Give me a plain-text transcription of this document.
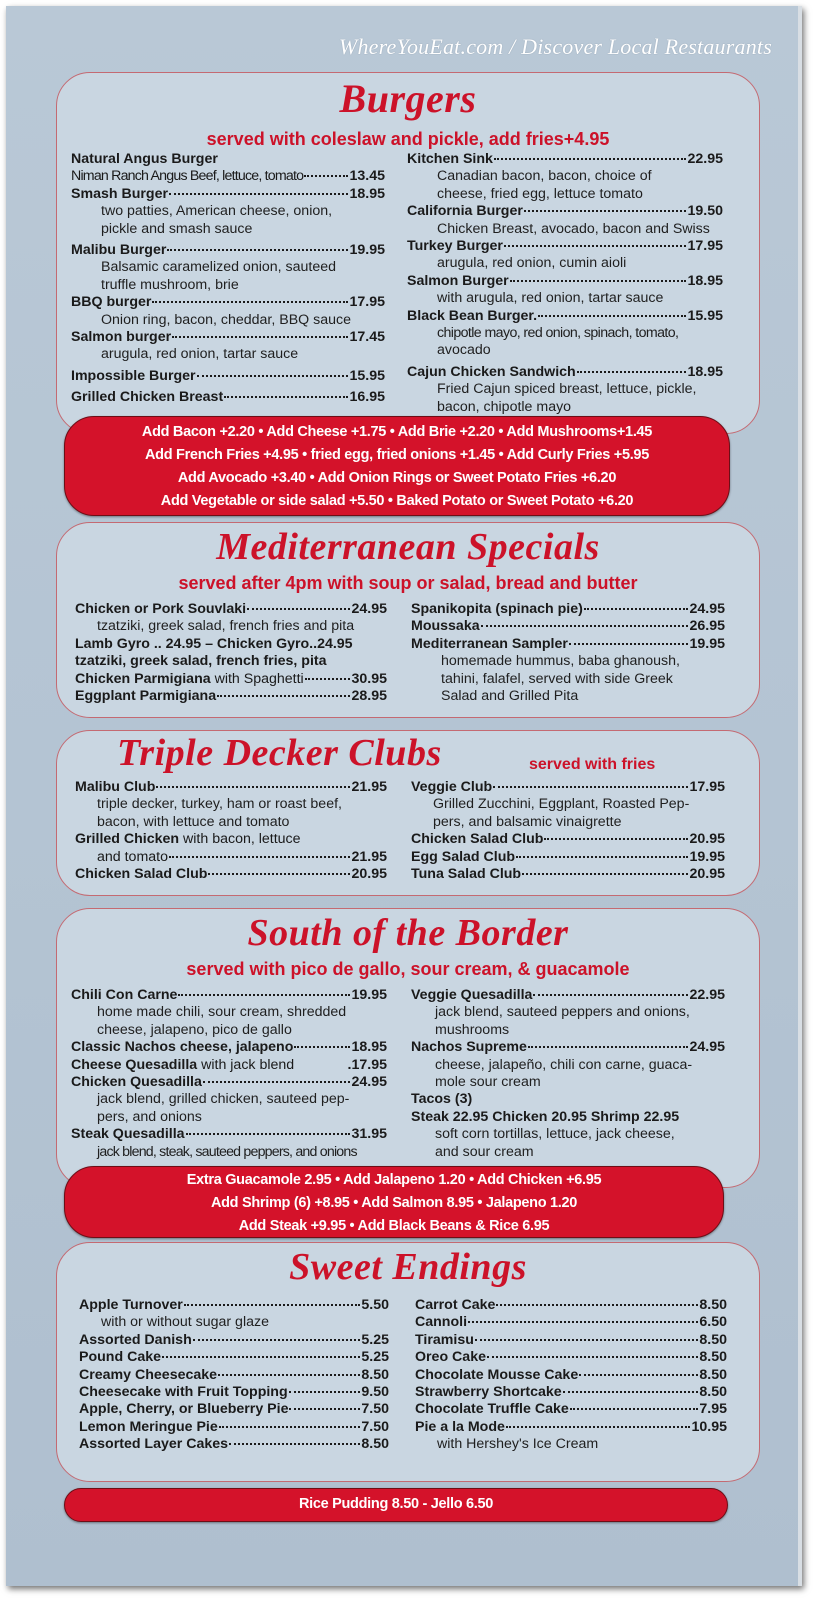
WhereYouEat.com / Discover Local Restaurants
Burgers
served with coleslaw and pickle, add fries+4.95
Natural Angus Burger
Niman Ranch Angus Beef, lettuce, tomato	13.45
Smash Burger	18.95
two patties, American cheese, onion,
pickle and smash sauce
Malibu Burger	19.95
Balsamic caramelized onion, sauteed
truffle mushroom, brie
BBQ burger	17.95
Onion ring, bacon, cheddar, BBQ sauce
Salmon burger	17.45
arugula, red onion, tartar sauce
Impossible Burger	15.95
Grilled Chicken Breast	16.95
Kitchen Sink	22.95
Canadian bacon, bacon, choice of
cheese, fried egg, lettuce tomato
California Burger	19.50
Chicken Breast, avocado, bacon and Swiss
Turkey Burger	17.95
arugula, red onion, cumin aioli
Salmon Burger	18.95
with arugula, red onion, tartar sauce
Black Bean Burger.	15.95
chipotle mayo, red onion, spinach, tomato,
avocado
Cajun Chicken Sandwich	18.95
Fried Cajun spiced breast, lettuce, pickle,
bacon, chipotle mayo
Add Bacon +2.20 • Add Cheese +1.75 • Add Brie +2.20 • Add Mushrooms+1.45
Add French Fries +4.95 • fried egg, fried onions +1.45 • Add Curly Fries +5.95
Add Avocado +3.40 • Add Onion Rings or Sweet Potato Fries +6.20
Add Vegetable or side salad +5.50 • Baked Potato or Sweet Potato +6.20
Mediterranean Specials
served after 4pm with soup or salad, bread and butter
Chicken or Pork Souvlaki	24.95
tzatziki, greek salad, french fries and pita
Lamb Gyro .. 24.95 – Chicken Gyro..24.95
tzatziki, greek salad, french fries, pita
Chicken Parmigiana with Spaghetti	30.95
Eggplant Parmigiana	28.95
Spanikopita (spinach pie)	24.95
Moussaka	26.95
Mediterranean Sampler	19.95
homemade hummus, baba ghanoush,
tahini, falafel, served with side Greek
Salad and Grilled Pita
Triple Decker Clubs	served with fries
Malibu Club	21.95
triple decker, turkey, ham or roast beef,
bacon, with lettuce and tomato
Grilled Chicken with bacon, lettuce
and tomato	21.95
Chicken Salad Club	20.95
Veggie Club	17.95
Grilled Zucchini, Eggplant, Roasted Pep-
pers, and balsamic vinaigrette
Chicken Salad Club	20.95
Egg Salad Club	19.95
Tuna Salad Club	20.95
South of the Border
served with pico de gallo, sour cream, & guacamole
Chili Con Carne	19.95
home made chili, sour cream, shredded
cheese, jalapeno, pico de gallo
Classic Nachos cheese, jalapeno	18.95
Cheese Quesadilla with jack blend	.17.95
Chicken Quesadilla	24.95
jack blend, grilled chicken, sauteed pep-
pers, and onions
Steak Quesadilla	31.95
jack blend, steak, sauteed peppers, and onions
Veggie Quesadilla	22.95
jack blend, sauteed peppers and onions,
mushrooms
Nachos Supreme	24.95
cheese, jalapeño, chili con carne, guaca-
mole sour cream
Tacos (3)
Steak 22.95 Chicken 20.95 Shrimp 22.95
soft corn tortillas, lettuce, jack cheese,
and sour cream
Extra Guacamole 2.95 • Add Jalapeno 1.20 • Add Chicken +6.95
Add Shrimp (6) +8.95 • Add Salmon 8.95 • Jalapeno 1.20
Add Steak +9.95 • Add Black Beans & Rice 6.95
Sweet Endings
Apple Turnover	5.50
with or without sugar glaze
Assorted Danish	5.25
Pound Cake	5.25
Creamy Cheesecake	8.50
Cheesecake with Fruit Topping	9.50
Apple, Cherry, or Blueberry Pie	7.50
Lemon Meringue Pie	7.50
Assorted Layer Cakes	8.50
Carrot Cake	8.50
Cannoli	6.50
Tiramisu	8.50
Oreo Cake	8.50
Chocolate Mousse Cake	8.50
Strawberry Shortcake	8.50
Chocolate Truffle Cake	7.95
Pie a la Mode	10.95
with Hershey's Ice Cream
Rice Pudding 8.50 - Jello 6.50
